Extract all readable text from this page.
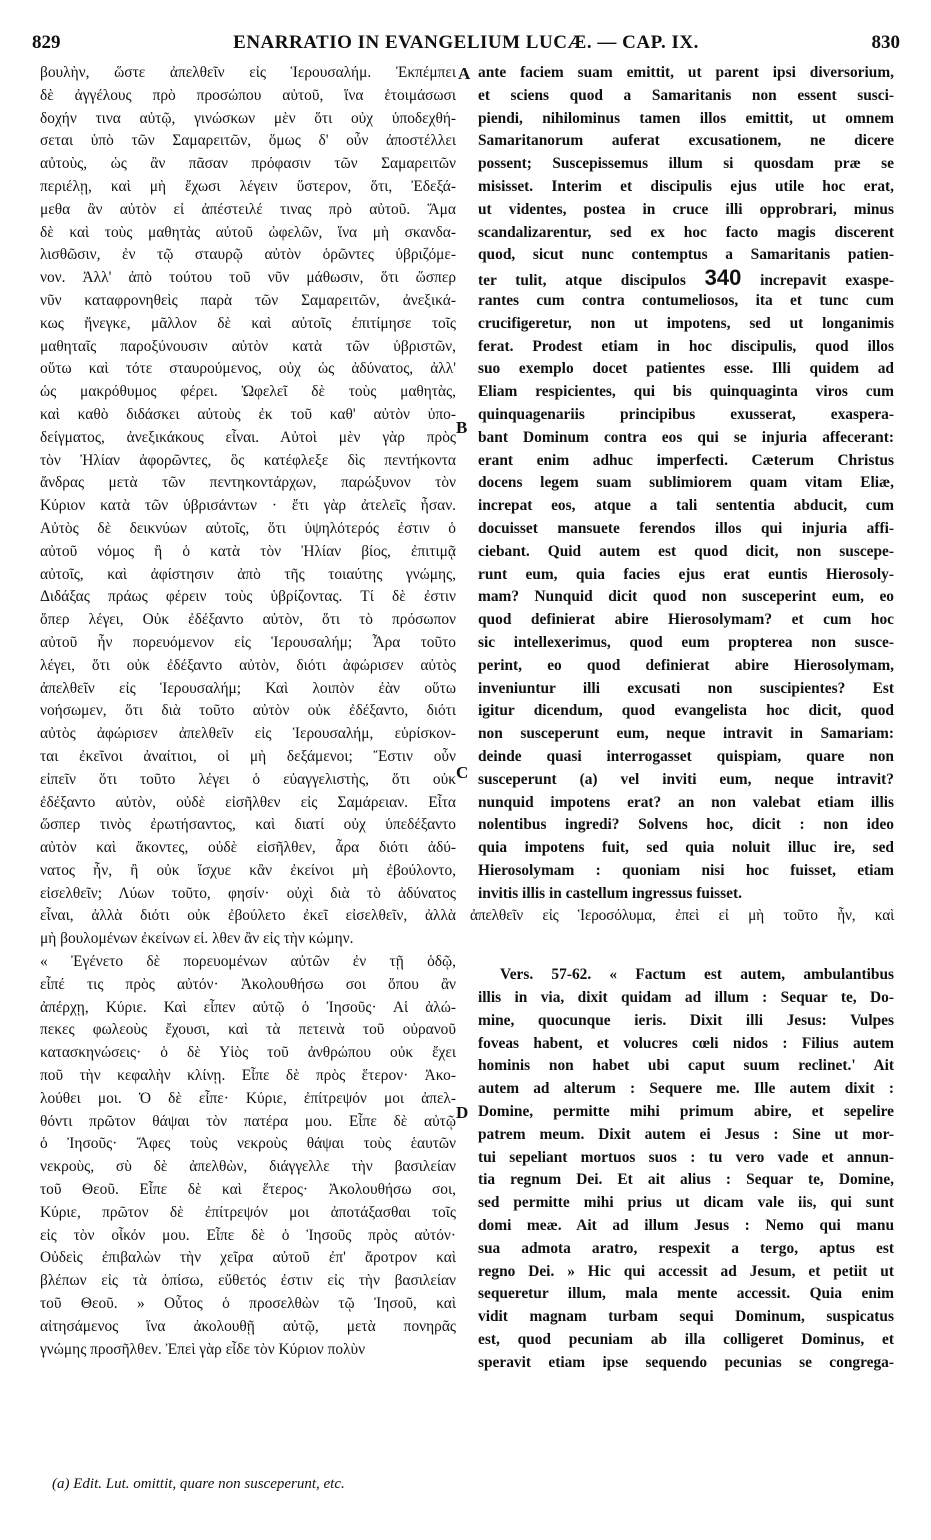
829	ENARRATIO IN EVANGELIUM LUCÆ. — CAP. IX.	830
βουλὴν, ὥστε ἀπελθεῖν εἰς Ἱερουσαλήμ. Ἐκπέμπει
δὲ ἀγγέλους πρὸ προσώπου αὐτοῦ, ἵνα ἑτοιμάσωσι
δοχήν τινα αὐτῷ, γινώσκων μὲν ὅτι οὐχ ὑποδεχθή-
σεται ὑπὸ τῶν Σαμαρειτῶν, ὅμως δ' οὖν ἀποστέλλει
αὐτοὺς, ὡς ἂν πᾶσαν πρόφασιν τῶν Σαμαρειτῶν
περιέλῃ, καὶ μὴ ἔχωσι λέγειν ὕστερον, ὅτι, Ἐδεξά-
μεθα ἂν αὐτὸν εἰ ἀπέστειλέ τινας πρὸ αὐτοῦ. Ἅμα
δὲ καὶ τοὺς μαθητὰς αὐτοῦ ὠφελῶν, ἵνα μὴ σκανδα-
λισθῶσιν, ἐν τῷ σταυρῷ αὐτὸν ὁρῶντες ὑβριζόμε-
νον. Ἀλλ' ἀπὸ τούτου τοῦ νῦν μάθωσιν, ὅτι ὥσπερ
νῦν καταφρονηθεὶς παρὰ τῶν Σαμαρειτῶν, ἀνεξικά-
κως ἤνεγκε, μᾶλλον δὲ καὶ αὐτοῖς ἐπιτίμησε τοῖς
μαθηταῖς παροξύνουσιν αὐτὸν κατὰ τῶν ὑβριστῶν,
οὕτω καὶ τότε σταυρούμενος, οὐχ ὡς ἀδύνατος, ἀλλ'
ὡς μακρόθυμος φέρει. Ὠφελεῖ δὲ τοὺς μαθητὰς,
καὶ καθὸ διδάσκει αὐτοὺς ἐκ τοῦ καθ' αὐτὸν ὑπο-
δείγματος, ἀνεξικάκους εἶναι. Αὐτοὶ μὲν γὰρ πρὸς
τὸν Ἠλίαν ἀφορῶντες, ὃς κατέφλεξε δὶς πεντήκοντα
ἄνδρας μετὰ τῶν πεντηκοντάρχων, παρώξυνον τὸν
Κύριον κατὰ τῶν ὑβρισάντων · ἔτι γὰρ ἀτελεῖς ἦσαν.
Αὐτὸς δὲ δεικνύων αὐτοῖς, ὅτι ὑψηλότερός ἐστιν ὁ
αὐτοῦ νόμος ἢ ὁ κατὰ τὸν Ἠλίαν βίος, ἐπιτιμᾷ
αὐτοῖς, καὶ ἀφίστησιν ἀπὸ τῆς τοιαύτης γνώμης,
Διδάξας πράως φέρειν τοὺς ὑβρίζοντας. Τί δὲ ἐστιν
ὅπερ λέγει, Οὐκ ἐδέξαντο αὐτὸν, ὅτι τὸ πρόσωπον
αὐτοῦ ἦν πορευόμενον εἰς Ἱερουσαλήμ; Ἆρα τοῦτο
λέγει, ὅτι οὐκ ἐδέξαντο αὐτὸν, διότι ἀφώρισεν αὐτὸς
ἀπελθεῖν εἰς Ἱερουσαλήμ; Καὶ λοιπὸν ἐὰν οὕτω
νοήσωμεν, ὅτι διὰ τοῦτο αὐτὸν οὐκ ἐδέξαντο, διότι
αὐτὸς ἀφώρισεν ἀπελθεῖν εἰς Ἱερουσαλήμ, εὑρίσκον-
ται ἐκεῖνοι ἀναίτιοι, οἱ μὴ δεξάμενοι; Ἔστιν οὖν
εἰπεῖν ὅτι τοῦτο λέγει ὁ εὐαγγελιστὴς, ὅτι οὐκ
ἐδέξαντο αὐτὸν, οὐδὲ εἰσῆλθεν εἰς Σαμάρειαν. Εἶτα
ὥσπερ τινὸς ἐρωτήσαντος, καὶ διατί οὐχ ὑπεδέξαντο
αὐτὸν καὶ ἄκοντες, οὐδὲ εἰσῆλθεν, ἆρα διότι ἀδύ-
νατος ἦν, ἢ οὐκ ἴσχυε κἂν ἐκείνοι μὴ ἐβούλοντο,
εἰσελθεῖν; Λύων τοῦτο, φησίν· οὐχὶ διὰ τὸ ἀδύνατος
εἶναι, ἀλλὰ διότι οὐκ ἐβούλετο ἐκεῖ εἰσελθεῖν, ἀλλὰ
μὴ βουλομένων ἐκείνων εἰ. λθεν ἂν εἰς τὴν κώμην.
« Ἐγένετο δὲ πορευομένων αὐτῶν ἐν τῇ ὁδῷ,
εἶπέ τις πρὸς αὐτόν· Ἀκολουθήσω σοι ὅπου ἂν
ἀπέρχῃ, Κύριε. Καὶ εἶπεν αὐτῷ ὁ Ἰησοῦς· Αἱ ἀλώ-
πεκες φωλεοὺς ἔχουσι, καὶ τὰ πετεινὰ τοῦ οὐρανοῦ
κατασκηνώσεις· ὁ δὲ Υἱὸς τοῦ ἀνθρώπου οὐκ ἔχει
ποῦ τὴν κεφαλὴν κλίνῃ. Εἶπε δὲ πρὸς ἕτερον· Ἀκο-
λούθει μοι. Ὁ δὲ εἶπε· Κύριε, ἐπίτρεψόν μοι ἀπελ-
θόντι πρῶτον θάψαι τὸν πατέρα μου. Εἶπε δὲ αὐτῷ
ὁ Ἰησοῦς· Ἄφες τοὺς νεκροὺς θάψαι τοὺς ἑαυτῶν
νεκροὺς, σὺ δὲ ἀπελθὼν, διάγγελλε τὴν βασιλείαν
τοῦ Θεοῦ. Εἶπε δὲ καὶ ἕτερος· Ἀκολουθήσω σοι,
Κύριε, πρῶτον δὲ ἐπίτρεψόν μοι ἀποτάξασθαι τοῖς
εἰς τὸν οἶκόν μου. Εἶπε δὲ ὁ Ἰησοῦς πρὸς αὐτόν·
Οὐδεὶς ἐπιβαλὼν τὴν χεῖρα αὐτοῦ ἐπ' ἄροτρον καὶ
βλέπων εἰς τὰ ὀπίσω, εὔθετός ἐστιν εἰς τὴν βασιλείαν
τοῦ Θεοῦ. » Οὗτος ὁ προσελθὼν τῷ Ἰησοῦ, καὶ
αἰτησάμενος ἵνα ἀκολουθῇ αὐτῷ, μετὰ πονηρᾶς
γνώμης προσῆλθεν. Ἐπεὶ γὰρ εἶδε τὸν Κύριον πολὺν
ante faciem suam emittit, ut parent ipsi diversorium,
et sciens quod a Samaritanis non essent susci-
piendi, nihilominus tamen illos emittit, ut omnem
Samaritanorum auferat excusationem, ne dicere
possent; Suscepissemus illum si quosdam præ se
misisset. Interim et discipulis ejus utile hoc erat,
ut videntes, postea in cruce illi opprobrari, minus
scandalizarentur, sed ex hoc facto magis discerent
quod, sicut nunc contemptus a Samaritanis patien-
ter tulit, atque discipulos 340 increpavit exaspe-
rantes cum contra contumeliosos, ita et tunc cum
crucifigeretur, non ut impotens, sed ut longanimis
ferat. Prodest etiam in hoc discipulis, quod illos
suo exemplo docet patientes esse. Illi quidem ad
Eliam respicientes, qui bis quinquaginta viros cum
quinquagenariis principibus exusserat, exaspera-
bant Dominum contra eos qui se injuria affecerant:
erant enim adhuc imperfecti. Cæterum Christus
docens legem suam sublimiorem quam vitam Eliæ,
increpat eos, atque a tali sententia abducit, cum
docuisset mansuete ferendos illos qui injuria affi-
ciebant. Quid autem est quod dicit, non suscepe-
runt eum, quia facies ejus erat euntis Hierosoly-
mam? Nunquid dicit quod non susceperint eum, eo
quod definierat abire Hierosolymam? et cum hoc
sic intellexerimus, quod eum propterea non susce-
perint, eo quod definierat abire Hierosolymam,
inveniuntur illi excusati non suscipientes? Est
igitur dicendum, quod evangelista hoc dicit, quod
non susceperunt eum, neque intravit in Samariam:
deinde quasi interrogasset quispiam, quare non
susceperunt (a) vel inviti eum, neque intravit?
nunquid impotens erat? an non valebat etiam illis
nolentibus ingredi? Solvens hoc, dicit : non ideo
quia impotens fuit, sed quia noluit illuc ire, sed
Hierosolymam : quoniam nisi hoc fuisset, etiam
invitis illis in castellum ingressus fuisset.
ἀπελθεῖν εἰς Ἱεροσόλυμα, ἐπεὶ εἰ μὴ τοῦτο ἦν, καὶ
Vers. 57-62. « Factum est autem, ambulantibus
illis in via, dixit quidam ad illum : Sequar te, Do-
mine, quocunque ieris. Dixit illi Jesus: Vulpes
foveas habent, et volucres cœli nidos : Filius autem
hominis non habet ubi caput suum reclinet.' Ait
autem ad alterum : Sequere me. Ille autem dixit :
Domine, permitte mihi primum abire, et sepelire
patrem meum. Dixit autem ei Jesus : Sine ut mor-
tui sepeliant mortuos suos : tu vero vade et annun-
tia regnum Dei. Et ait alius : Sequar te, Domine,
sed permitte mihi prius ut dicam vale iis, qui sunt
domi meæ. Ait ad illum Jesus : Nemo qui manu
sua admota aratro, respexit a tergo, aptus est
regno Dei. » Hic qui accessit ad Jesum, et petiit ut
sequeretur illum, mala mente accessit. Quia enim
vidit magnam turbam sequi Dominum, suspicatus
est, quod pecuniam ab illa colligeret Dominus, et
speravit etiam ipse sequendo pecunias se congrega-
A
B
C
D
(a) Edit. Lut. omittit, quare non susceperunt, etc.
